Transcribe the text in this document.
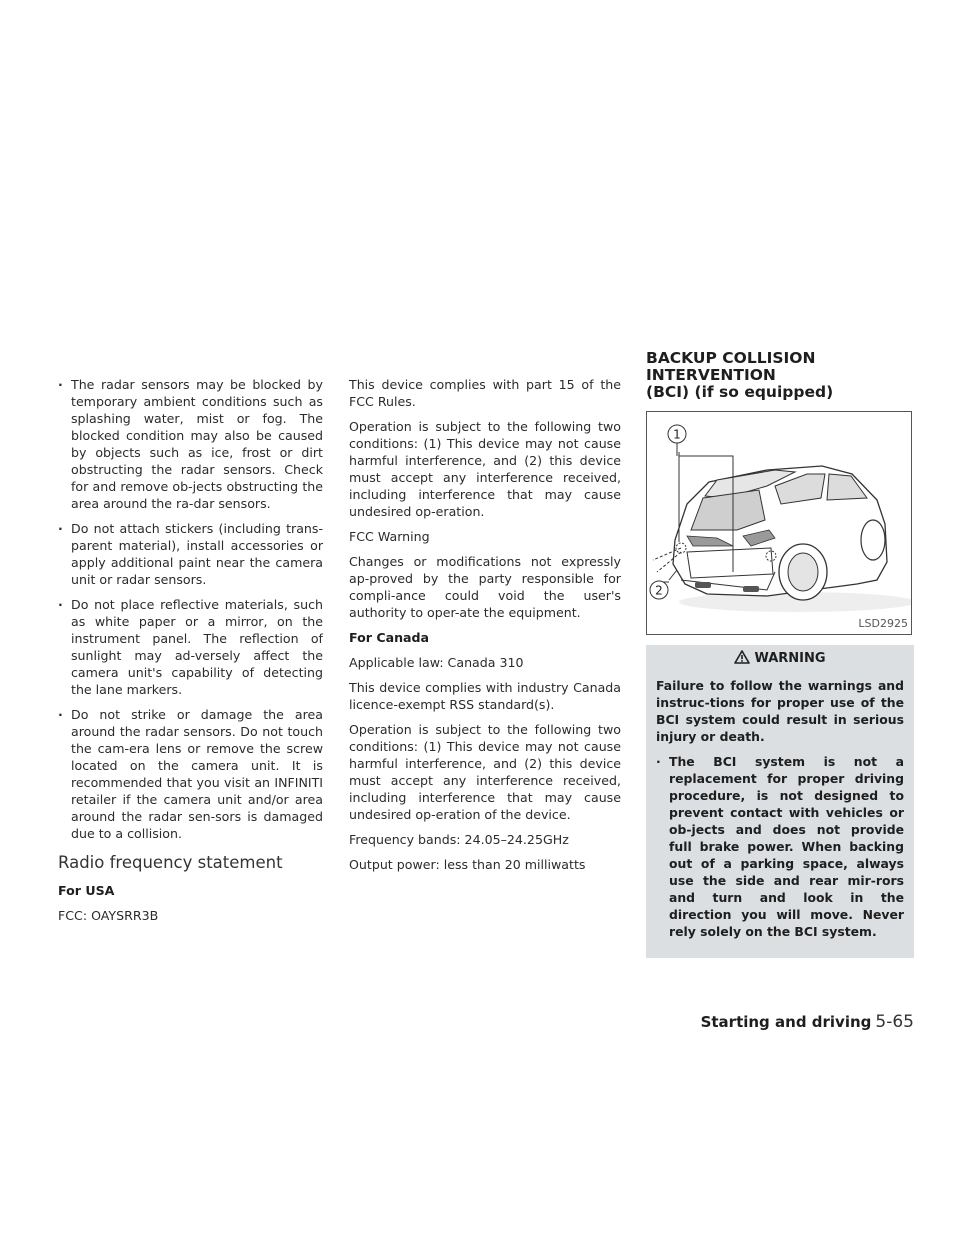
· The radar sensors may be blocked by temporary ambient conditions such as splashing water, mist or fog. The blocked condition may also be caused by objects such as ice, frost or dirt obstructing the radar sensors. Check for and remove ob-jects obstructing the area around the ra-dar sensors.
· Do not attach stickers (including trans-parent material), install accessories or apply additional paint near the camera unit or radar sensors.
· Do not place reflective materials, such as white paper or a mirror, on the instrument panel. The reflection of sunlight may ad-versely affect the camera unit's capability of detecting the lane markers.
· Do not strike or damage the area around the radar sensors. Do not touch the cam-era lens or remove the screw located on the camera unit. It is recommended that you visit an INFINITI retailer if the camera unit and/or area around the radar sen-sors is damaged due to a collision.
Radio frequency statement

For USA

FCC: OAYSRR3B

This device complies with part 15 of the FCC Rules.

Operation is subject to the following two conditions: (1) This device may not cause harmful interference, and (2) this device must accept any interference received, including interference that may cause undesired op-eration.

FCC Warning

Changes or modifications not expressly ap-proved by the party responsible for compli-ance could void the user's authority to oper-ate the equipment.

For Canada

Applicable law: Canada 310

This device complies with industry Canada licence-exempt RSS standard(s).

Operation is subject to the following two conditions: (1) This device may not cause harmful interference, and (2) this device must accept any interference received, including interference that may cause undesired op-eration of the device.

Frequency bands: 24.05–24.25GHz

Output power: less than 20 milliwatts

BACKUP COLLISION INTERVENTION
(BCI) (if so equipped)
1
2
LSD2925
WARNING

Failure to follow the warnings and instruc-tions for proper use of the BCI system could result in serious injury or death.

· The BCI system is not a replacement for proper driving procedure, is not designed to prevent contact with vehicles or ob-jects and does not provide full brake power. When backing out of a parking space, always use the side and rear mir-rors and turn and look in the direction you will move. Never rely solely on the BCI system.
Starting and driving 5-65
